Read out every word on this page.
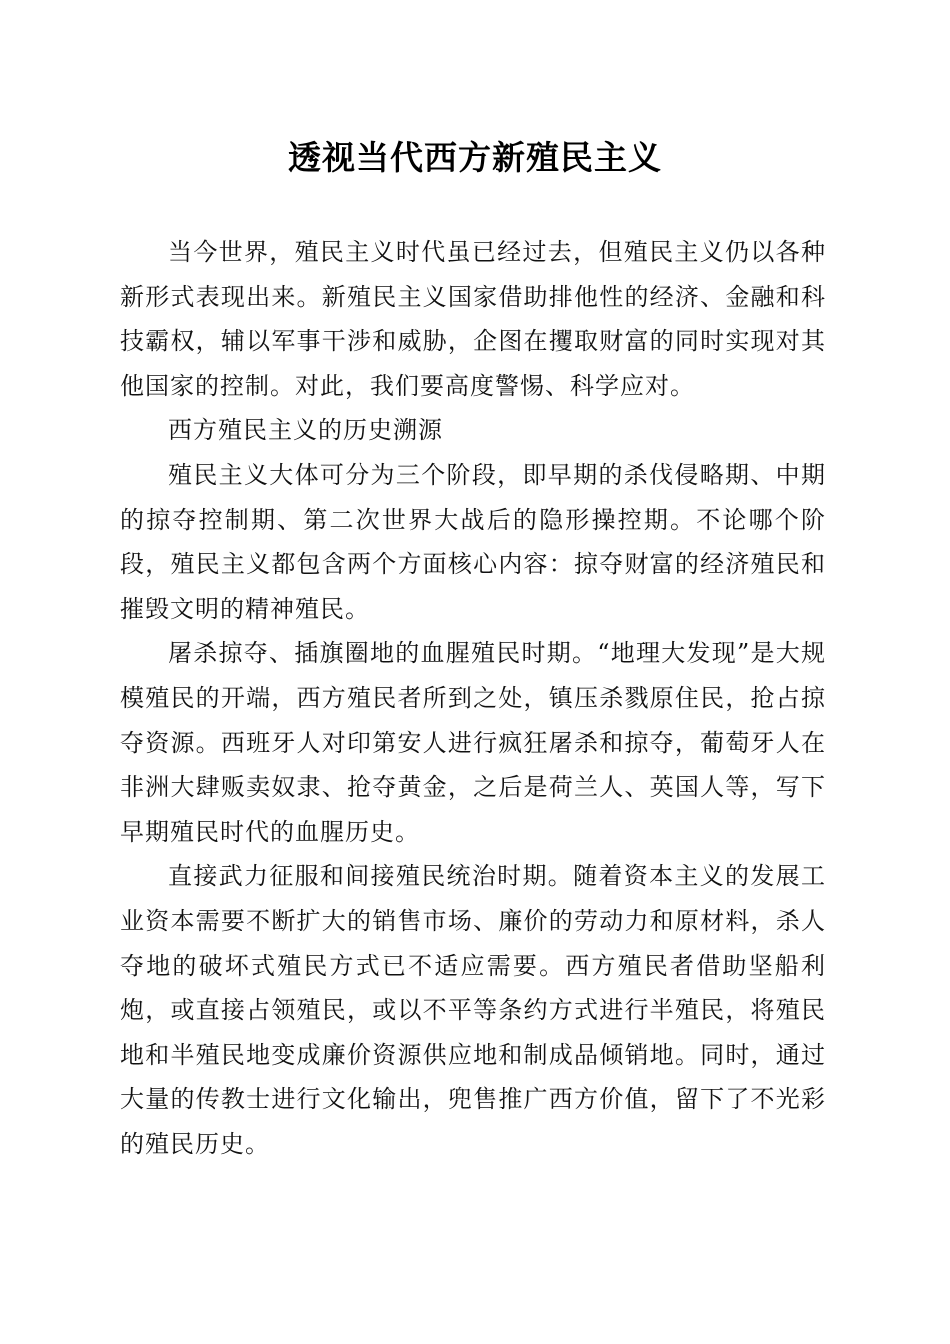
透视当代西方新殖民主义

当今世界，殖民主义时代虽已经过去，但殖民主义仍以各种新形式表现出来。新殖民主义国家借助排他性的经济、金融和科技霸权，辅以军事干涉和威胁，企图在攫取财富的同时实现对其他国家的控制。对此，我们要高度警惕、科学应对。

西方殖民主义的历史溯源

殖民主义大体可分为三个阶段，即早期的杀伐侵略期、中期的掠夺控制期、第二次世界大战后的隐形操控期。不论哪个阶段，殖民主义都包含两个方面核心内容：掠夺财富的经济殖民和摧毁文明的精神殖民。

屠杀掠夺、插旗圈地的血腥殖民时期。“地理大发现”是大规模殖民的开端，西方殖民者所到之处，镇压杀戮原住民，抢占掠夺资源。西班牙人对印第安人进行疯狂屠杀和掠夺，葡萄牙人在非洲大肆贩卖奴隶、抢夺黄金，之后是荷兰人、英国人等，写下早期殖民时代的血腥历史。

直接武力征服和间接殖民统治时期。随着资本主义的发展工业资本需要不断扩大的销售市场、廉价的劳动力和原材料，杀人夺地的破坏式殖民方式已不适应需要。西方殖民者借助坚船利炮，或直接占领殖民，或以不平等条约方式进行半殖民，将殖民地和半殖民地变成廉价资源供应地和制成品倾销地。同时，通过大量的传教士进行文化输出，兜售推广西方价值，留下了不光彩的殖民历史。
